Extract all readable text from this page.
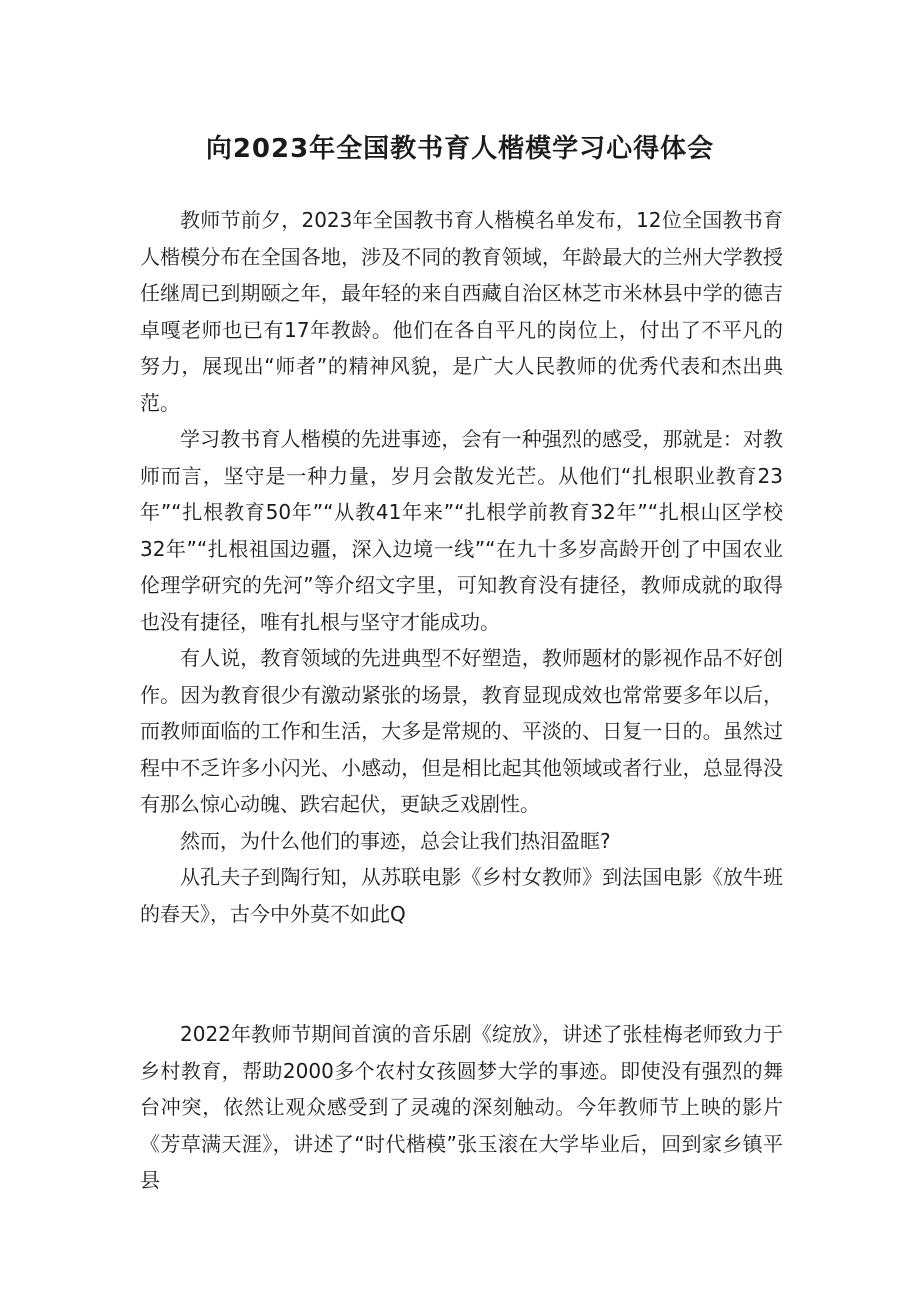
向2023年全国教书育人楷模学习心得体会

教师节前夕，2023年全国教书育人楷模名单发布，12位全国教书育人楷模分布在全国各地，涉及不同的教育领域，年龄最大的兰州大学教授任继周已到期颐之年，最年轻的来自西藏自治区林芝市米林县中学的德吉卓嘎老师也已有17年教龄。他们在各自平凡的岗位上，付出了不平凡的努力，展现出“师者”的精神风貌，是广大人民教师的优秀代表和杰出典范。

学习教书育人楷模的先进事迹，会有一种强烈的感受，那就是：对教师而言，坚守是一种力量，岁月会散发光芒。从他们“扎根职业教育23年”“扎根教育50年”“从教41年来”“扎根学前教育32年”“扎根山区学校32年”“扎根祖国边疆，深入边境一线”“在九十多岁高龄开创了中国农业伦理学研究的先河”等介绍文字里，可知教育没有捷径，教师成就的取得也没有捷径，唯有扎根与坚守才能成功。

有人说，教育领域的先进典型不好塑造，教师题材的影视作品不好创作。因为教育很少有激动紧张的场景，教育显现成效也常常要多年以后，而教师面临的工作和生活，大多是常规的、平淡的、日复一日的。虽然过程中不乏许多小闪光、小感动，但是相比起其他领域或者行业，总显得没有那么惊心动魄、跌宕起伏，更缺乏戏剧性。

然而，为什么他们的事迹，总会让我们热泪盈眶?

从孔夫子到陶行知，从苏联电影《乡村女教师》到法国电影《放牛班的春天》，古今中外莫不如此Q

2022年教师节期间首演的音乐剧《绽放》，讲述了张桂梅老师致力于乡村教育，帮助2000多个农村女孩圆梦大学的事迹。即使没有强烈的舞台冲突，依然让观众感受到了灵魂的深刻触动。今年教师节上映的影片《芳草满天涯》，讲述了“时代楷模”张玉滚在大学毕业后，回到家乡镇平县
